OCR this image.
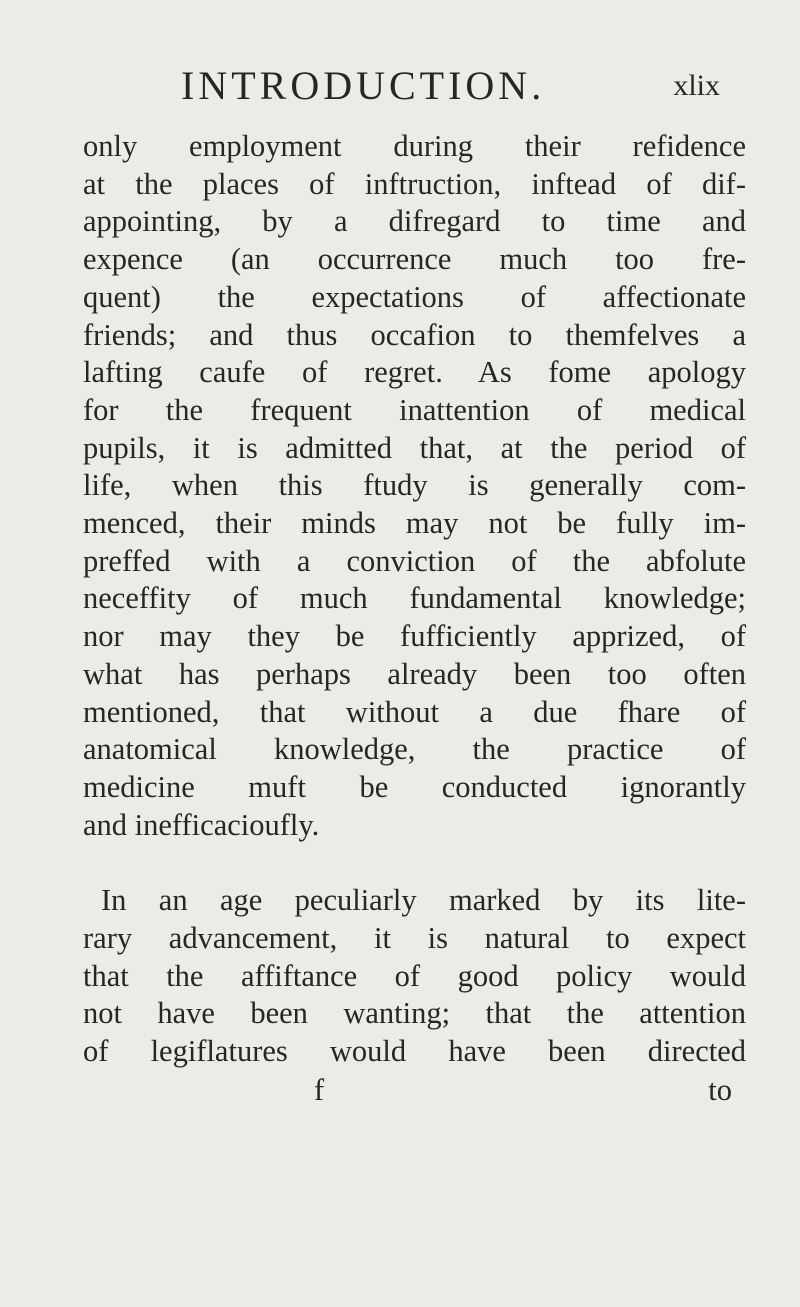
INTRODUCTION.	xlix
only employment during their refidence
at the places of inftruction, inftead of dif-
appointing, by a difregard to time and
expence (an occurrence much too fre-
quent) the expectations of affectionate
friends; and thus occafion to themfelves a
lafting caufe of regret. As fome apology
for the frequent inattention of medical
pupils, it is admitted that, at the period of
life, when this ftudy is generally com-
menced, their minds may not be fully im-
preffed with a conviction of the abfolute
neceffity of much fundamental knowledge;
nor may they be fufficiently apprized, of
what has perhaps already been too often
mentioned, that without a due fhare of
anatomical knowledge, the practice of
medicine muft be conducted ignorantly
and inefficacioufly.
In an age peculiarly marked by its lite-
rary advancement, it is natural to expect
that the affiftance of good policy would
not have been wanting; that the attention
of legiflatures would have been directed
f	to
